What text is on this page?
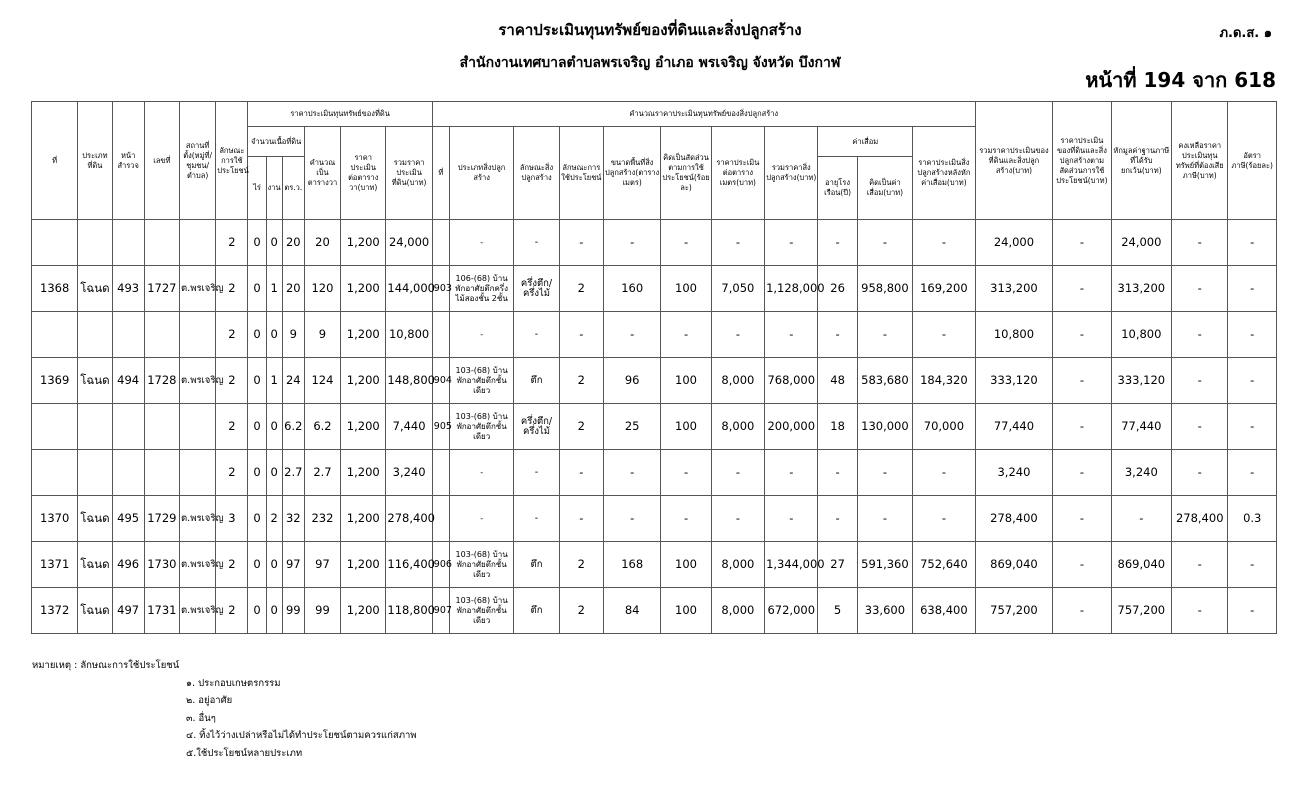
ราคาประเมินทุนทรัพย์ของที่ดินและสิ่งปลูกสร้าง	ภ.ด.ส. ๑
สำนักงานเทศบาลตำบลพรเจริญ อำเภอ พรเจริญ จังหวัด บึงกาฬ
หน้าที่ 194 จาก 618
ที่	ประเภทที่ดิน	หน้าสำรวจ	เลขที่	สถานที่ตั้ง(หมู่ที่/ชุมชน/ตำบล)	ลักษณะการใช้ประโยชน์	ราคาประเมินทุนทรัพย์ของที่ดิน						คำนวณราคาประเมินทุนทรัพย์ของสิ่งปลูกสร้าง											รวมราคาประเมินของที่ดินและสิ่งปลูกสร้าง(บาท)	ราคาประเมินของที่ดินและสิ่งปลูกสร้างตามสัดส่วนการใช้ประโยชน์(บาท)	หักมูลค่าฐานภาษีที่ได้รับยกเว้น(บาท)	คงเหลือราคาประเมินทุนทรัพย์ที่ต้องเสียภาษี(บาท)	อัตราภาษี(ร้อยละ)
						จำนวนเนื้อที่ดิน			คำนวณเป็นตารางวา	ราคาประเมินต่อตารางวา(บาท)	รวมราคาประเมินที่ดิน(บาท)	ที่	ประเภทสิ่งปลูกสร้าง	ลักษณะสิ่งปลูกสร้าง	ลักษณะการใช้ประโยชน์	ขนาดพื้นที่สิ่งปลูกสร้าง(ตารางเมตร)	คิดเป็นสัดส่วนตามการใช้ประโยชน์(ร้อยละ)	ราคาประเมินต่อตารางเมตร(บาท)	รวมราคาสิ่งปลูกสร้าง(บาท)	ค่าเสื่อม		ราคาประเมินสิ่งปลูกสร้างหลังหักค่าเสื่อม(บาท)					
						ไร่	งาน	ตร.ว.												อายุโรงเรือน(ปี)	คิดเป็นค่าเสื่อม(บาท)						
					2	0	0	20	20	1,200	24,000		-	-	-	-	-	-	-	-	-	-	24,000	-	24,000	-	-
1368	โฉนด	493	1727	ต.พรเจริญ	2	0	1	20	120	1,200	144,000	903	106-(68) บ้านพักอาศัยตึกครึ่งไม้สองชั้น 2ชั้น	ครึ่งตึก/ครึ่งไม้	2	160	100	7,050	1,128,000	26	958,800	169,200	313,200	-	313,200	-	-
					2	0	0	9	9	1,200	10,800		-	-	-	-	-	-	-	-	-	-	10,800	-	10,800	-	-
1369	โฉนด	494	1728	ต.พรเจริญ	2	0	1	24	124	1,200	148,800	904	103-(68) บ้านพักอาศัยตึกชั้นเดียว	ตึก	2	96	100	8,000	768,000	48	583,680	184,320	333,120	-	333,120	-	-
					2	0	0	6.2	6.2	1,200	7,440	905	103-(68) บ้านพักอาศัยตึกชั้นเดียว	ครึ่งตึก/ครึ่งไม้	2	25	100	8,000	200,000	18	130,000	70,000	77,440	-	77,440	-	-
					2	0	0	2.7	2.7	1,200	3,240		-	-	-	-	-	-	-	-	-	-	3,240	-	3,240	-	-
1370	โฉนด	495	1729	ต.พรเจริญ	3	0	2	32	232	1,200	278,400		-	-	-	-	-	-	-	-	-	-	278,400	-	-	278,400	0.3
1371	โฉนด	496	1730	ต.พรเจริญ	2	0	0	97	97	1,200	116,400	906	103-(68) บ้านพักอาศัยตึกชั้นเดียว	ตึก	2	168	100	8,000	1,344,000	27	591,360	752,640	869,040	-	869,040	-	-
1372	โฉนด	497	1731	ต.พรเจริญ	2	0	0	99	99	1,200	118,800	907	103-(68) บ้านพักอาศัยตึกชั้นเดียว	ตึก	2	84	100	8,000	672,000	5	33,600	638,400	757,200	-	757,200	-	-
หมายเหตุ : ลักษณะการใช้ประโยชน์
๑. ประกอบเกษตรกรรม
๒. อยู่อาศัย
๓. อื่นๆ
๔. ทิ้งไว้ว่างเปล่าหรือไม่ได้ทำประโยชน์ตามควรแก่สภาพ
๕.ใช้ประโยชน์หลายประเภท
